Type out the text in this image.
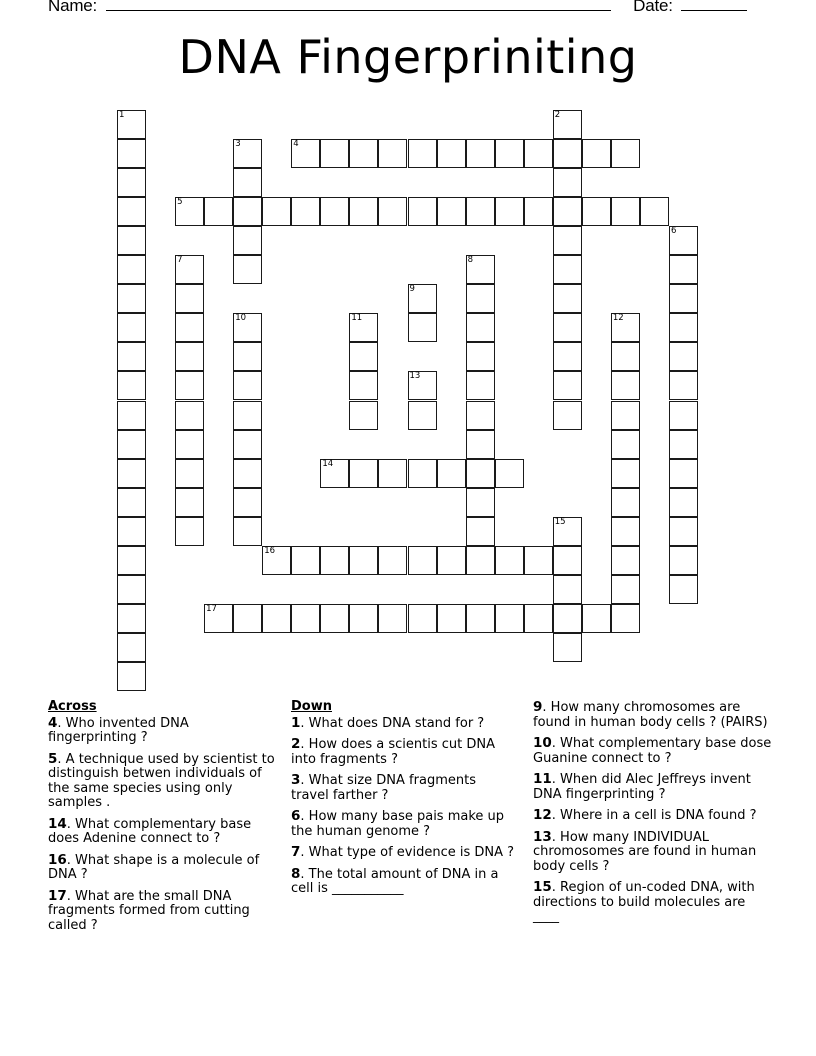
Name:	Date:
DNA Fingerpriniting
1	2
3	4
5
6
7	8
9
10	11	12
13
14
15
16
17
Across
4. Who invented DNA fingerprinting ?
5. A technique used by scientist to distinguish betwen individuals of the same species using only samples .
14. What complementary base does Adenine connect to ?
16. What shape is a molecule of DNA ?
17. What are the small DNA fragments formed from cutting called ?
Down
1. What does DNA stand for ?
2. How does a scientis cut DNA into fragments ?
3. What size DNA fragments travel farther ?
6. How many base pais make up the human genome ?
7. What type of evidence is DNA ?
8. The total amount of DNA in a cell is ___________
9. How many chromosomes are found in human body cells ? (PAIRS)
10. What complementary base dose Guanine connect to ?
11. When did Alec Jeffreys invent DNA fingerprinting ?
12. Where in a cell is DNA found ?
13. How many INDIVIDUAL chromosomes are found in human body cells ?
15. Region of un-coded DNA, with directions to build molecules are ____
